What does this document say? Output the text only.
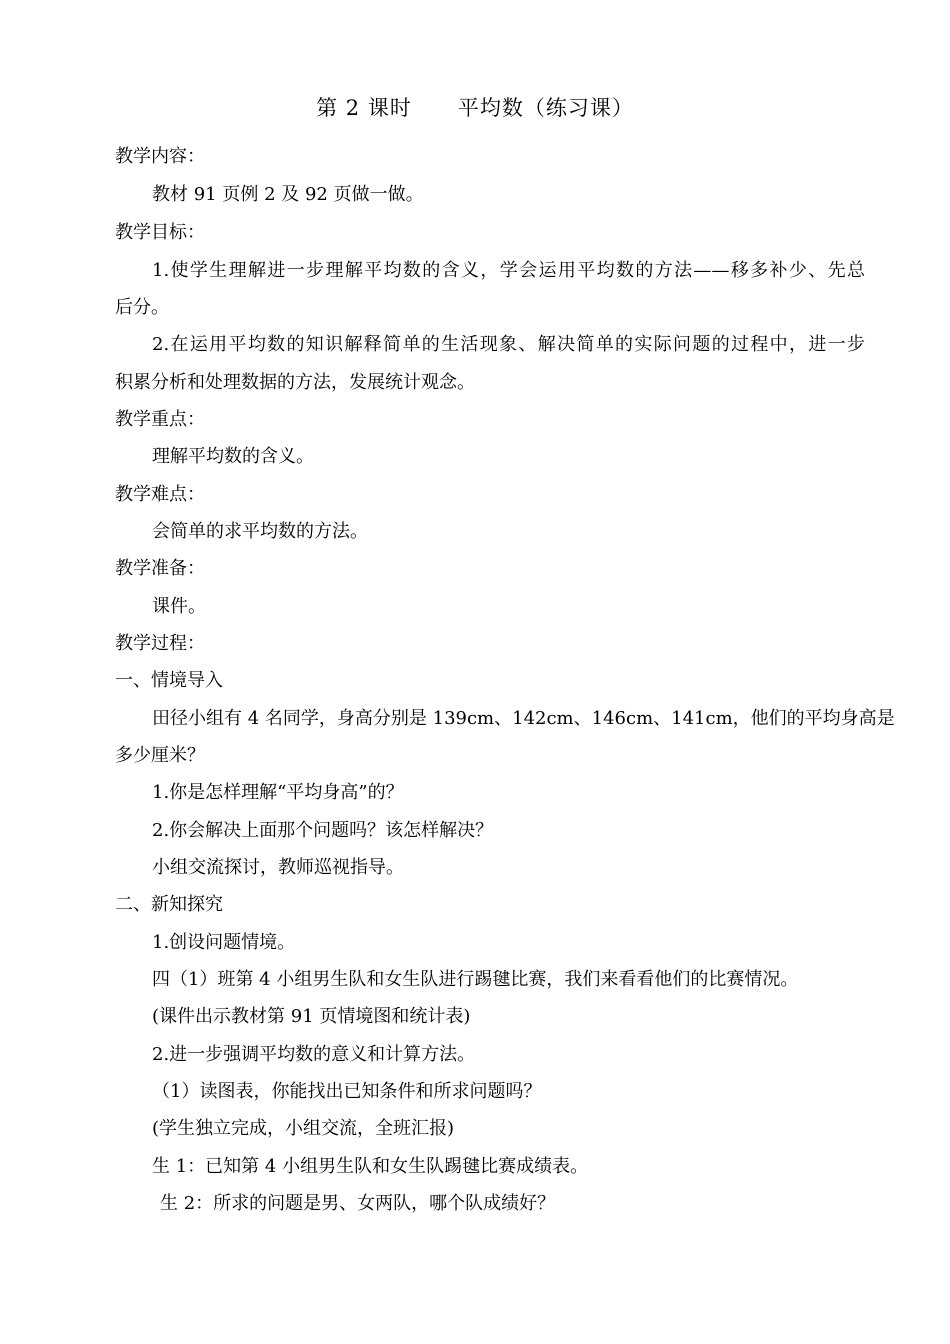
第 2 课时      平均数（练习课）
教学内容：
教材 91 页例 2 及 92 页做一做。
教学目标：
1.使学生理解进一步理解平均数的含义，学会运用平均数的方法——移多补少、先总
后分。
2.在运用平均数的知识解释简单的生活现象、解决简单的实际问题的过程中，进一步
积累分析和处理数据的方法，发展统计观念。
教学重点：
理解平均数的含义。
教学难点：
会简单的求平均数的方法。
教学准备：
课件。
教学过程：
一、情境导入
田径小组有 4 名同学，身高分别是 139cm、142cm、146cm、141cm，他们的平均身高是
多少厘米？
1.你是怎样理解“平均身高”的？
2.你会解决上面那个问题吗？该怎样解决？
小组交流探讨，教师巡视指导。
二、新知探究
1.创设问题情境。
四（1）班第 4 小组男生队和女生队进行踢毽比赛，我们来看看他们的比赛情况。
(课件出示教材第 91 页情境图和统计表)
2.进一步强调平均数的意义和计算方法。
（1）读图表，你能找出已知条件和所求问题吗？
(学生独立完成，小组交流，全班汇报)
生 1：已知第 4 小组男生队和女生队踢毽比赛成绩表。
生 2：所求的问题是男、女两队，哪个队成绩好？
